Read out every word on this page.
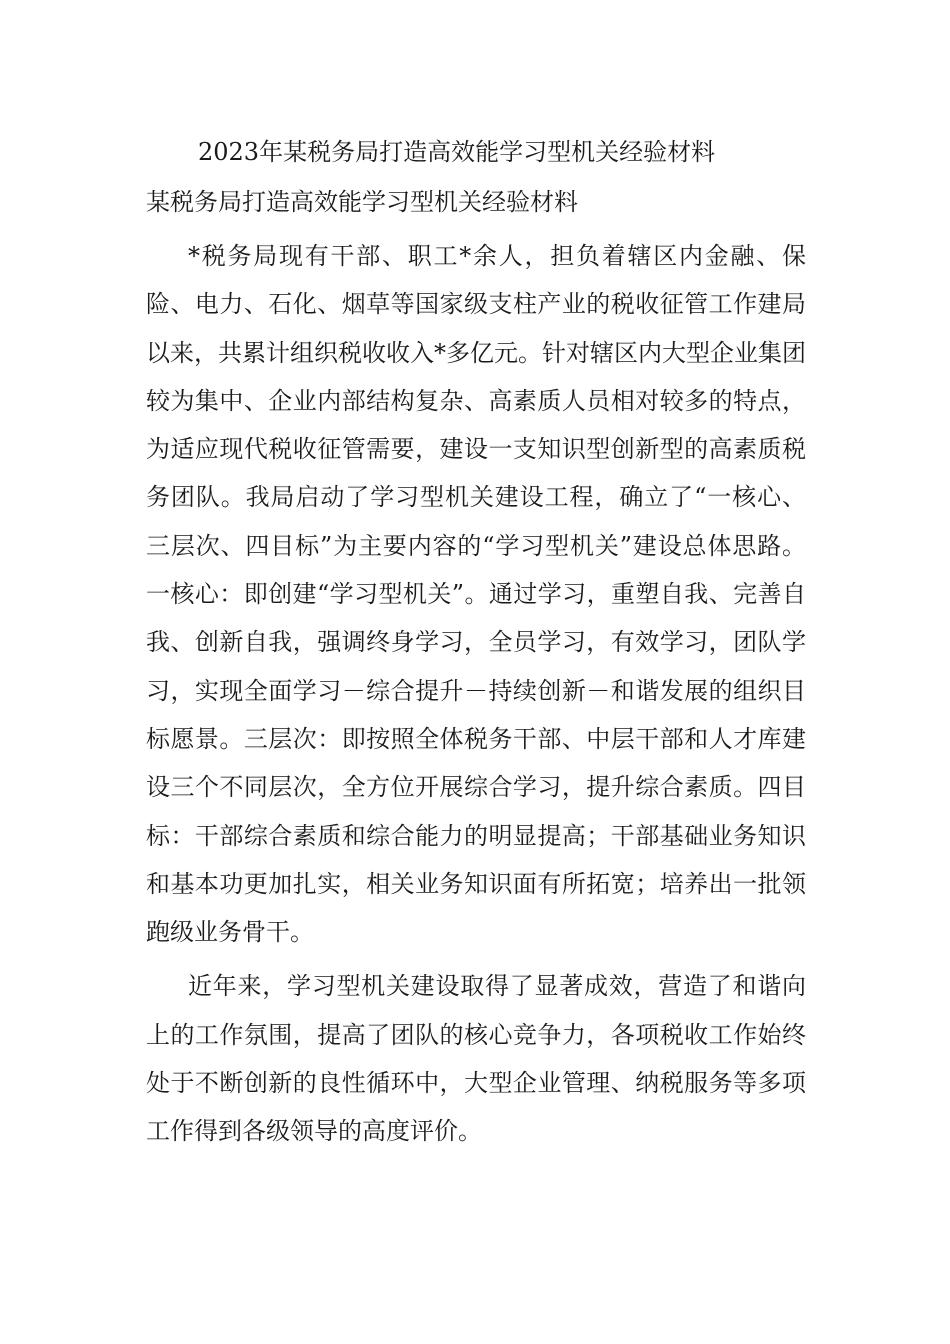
2023年某税务局打造高效能学习型机关经验材料

某税务局打造高效能学习型机关经验材料

*税务局现有干部、职工*余人，担负着辖区内金融、保险、电力、石化、烟草等国家级支柱产业的税收征管工作建局以来，共累计组织税收收入*多亿元。针对辖区内大型企业集团较为集中、企业内部结构复杂、高素质人员相对较多的特点，为适应现代税收征管需要，建设一支知识型创新型的高素质税务团队。我局启动了学习型机关建设工程，确立了“一核心、三层次、四目标”为主要内容的“学习型机关”建设总体思路。一核心：即创建“学习型机关”。通过学习，重塑自我、完善自我、创新自我，强调终身学习，全员学习，有效学习，团队学习，实现全面学习－综合提升－持续创新－和谐发展的组织目标愿景。三层次：即按照全体税务干部、中层干部和人才库建设三个不同层次，全方位开展综合学习，提升综合素质。四目标：干部综合素质和综合能力的明显提高；干部基础业务知识和基本功更加扎实，相关业务知识面有所拓宽；培养出一批领跑级业务骨干。

近年来，学习型机关建设取得了显著成效，营造了和谐向上的工作氛围，提高了团队的核心竞争力，各项税收工作始终处于不断创新的良性循环中，大型企业管理、纳税服务等多项工作得到各级领导的高度评价。
